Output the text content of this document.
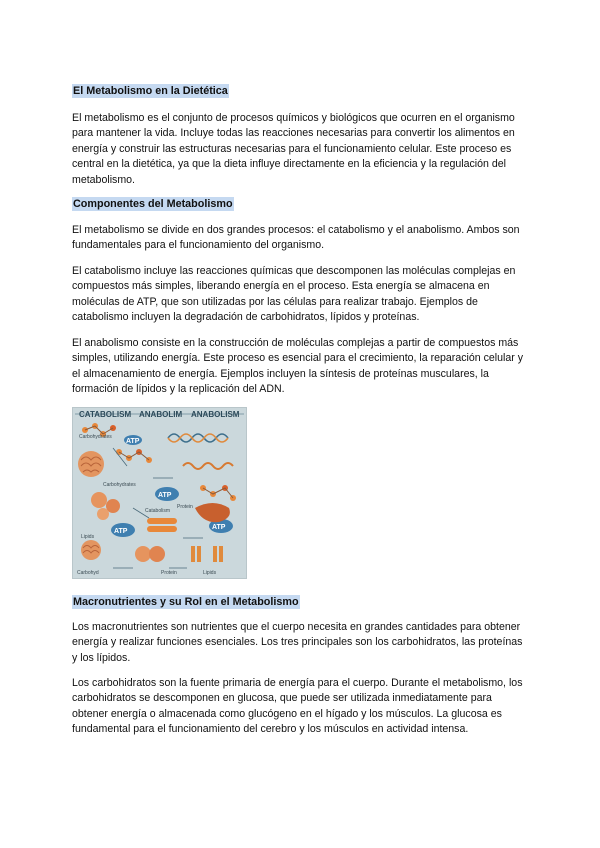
El Metabolismo en la Dietética

El metabolismo es el conjunto de procesos químicos y biológicos que ocurren en el organismo para mantener la vida. Incluye todas las reacciones necesarias para convertir los alimentos en energía y construir las estructuras necesarias para el funcionamiento celular. Este proceso es central en la dietética, ya que la dieta influye directamente en la eficiencia y la regulación del metabolismo.

Componentes del Metabolismo

El metabolismo se divide en dos grandes procesos: el catabolismo y el anabolismo. Ambos son fundamentales para el funcionamiento del organismo.

El catabolismo incluye las reacciones químicas que descomponen las moléculas complejas en compuestos más simples, liberando energía en el proceso. Esta energía se almacena en moléculas de ATP, que son utilizadas por las células para realizar trabajo. Ejemplos de catabolismo incluyen la degradación de carbohidratos, lípidos y proteínas.

El anabolismo consiste en la construcción de moléculas complejas a partir de compuestos más simples, utilizando energía. Este proceso es esencial para el crecimiento, la reparación celular y el almacenamiento de energía. Ejemplos incluyen la síntesis de proteínas musculares, la formación de lípidos y la replicación del ADN.

CATABOLISM ANABOLIM ANABOLISM
ATP
ATP
ATP
ATP
Carbohydrates
Carbohydrates
Protein
Lipids
Catabolism
Carbohyd	Protein	Lipids
Macronutrientes y su Rol en el Metabolismo

Los macronutrientes son nutrientes que el cuerpo necesita en grandes cantidades para obtener energía y realizar funciones esenciales. Los tres principales son los carbohidratos, las proteínas y los lípidos.

Los carbohidratos son la fuente primaria de energía para el cuerpo. Durante el metabolismo, los carbohidratos se descomponen en glucosa, que puede ser utilizada inmediatamente para obtener energía o almacenada como glucógeno en el hígado y los músculos. La glucosa es fundamental para el funcionamiento del cerebro y los músculos en actividad intensa.
